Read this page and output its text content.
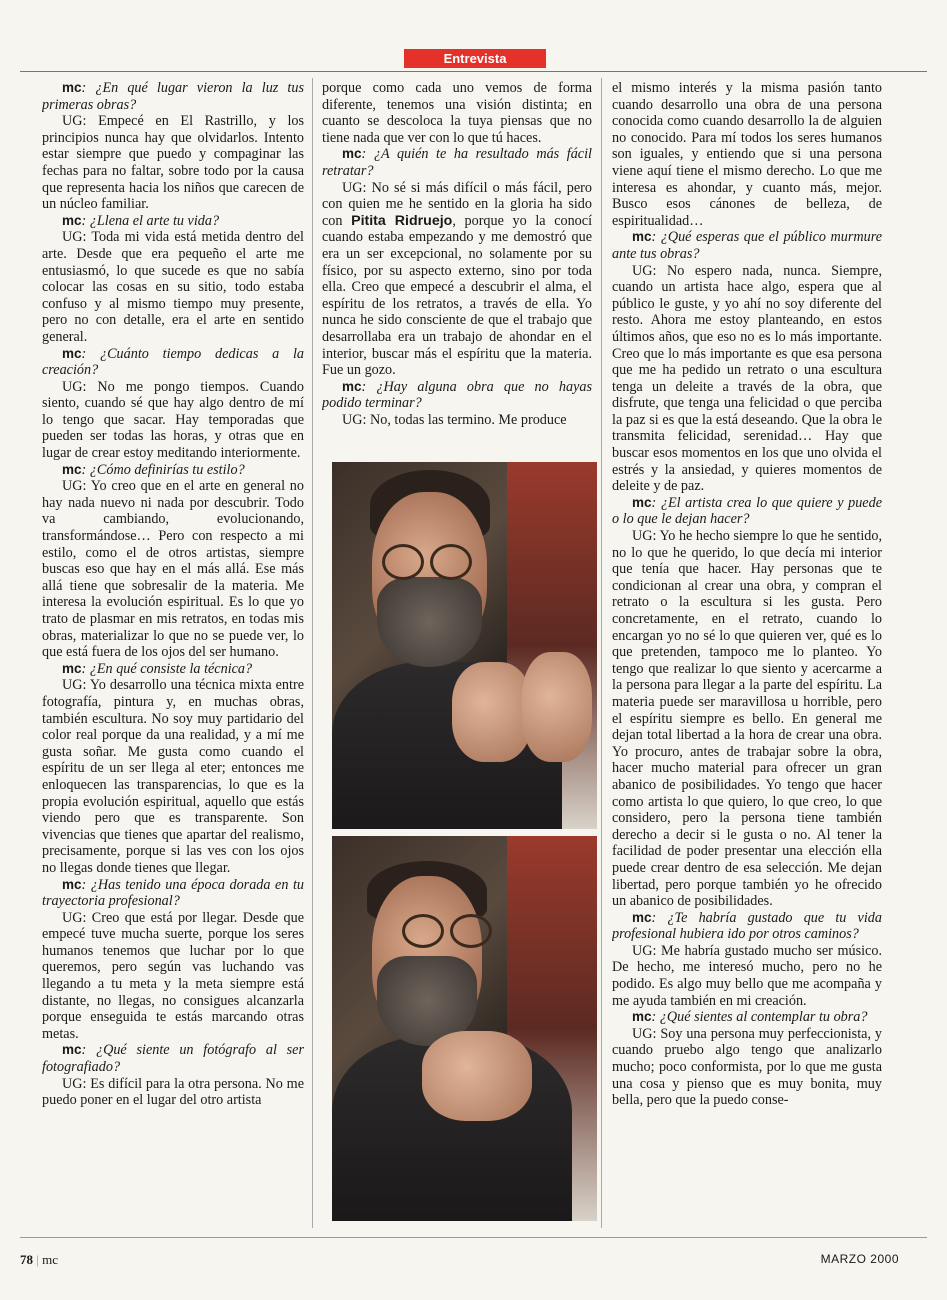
Entrevista

mc: ¿En qué lugar vieron la luz tus primeras obras?

UG: Empecé en El Rastrillo, y los principios nunca hay que olvidarlos. Intento estar siempre que puedo y compaginar las fechas para no faltar, sobre todo por la causa que representa hacia los niños que carecen de un núcleo familiar.

mc: ¿Llena el arte tu vida?

UG: Toda mi vida está metida dentro del arte. Desde que era pequeño el arte me entusiasmó, lo que sucede es que no sabía colocar las cosas en su sitio, todo estaba confuso y al mismo tiempo muy presente, pero no con detalle, era el arte en sentido general.

mc: ¿Cuánto tiempo dedicas a la creación?

UG: No me pongo tiempos. Cuando siento, cuando sé que hay algo dentro de mí lo tengo que sacar. Hay temporadas que pueden ser todas las horas, y otras que en lugar de crear estoy meditando interiormente.

mc: ¿Cómo definirías tu estilo?

UG: Yo creo que en el arte en general no hay nada nuevo ni nada por descubrir. Todo va cambiando, evolucionando, transformándose… Pero con respecto a mi estilo, como el de otros artistas, siempre buscas eso que hay en el más allá. Ese más allá tiene que sobresalir de la materia. Me interesa la evolución espiritual. Es lo que yo trato de plasmar en mis retratos, en todas mis obras, materializar lo que no se puede ver, lo que está fuera de los ojos del ser humano.

mc: ¿En qué consiste la técnica?

UG: Yo desarrollo una técnica mixta entre fotografía, pintura y, en muchas obras, también escultura. No soy muy partidario del color real porque da una realidad, y a mí me gusta soñar. Me gusta como cuando el espíritu de un ser llega al eter; entonces me enloquecen las transparencias, lo que es la propia evolución espiritual, aquello que estás viendo pero que es transparente. Son vivencias que tienes que apartar del realismo, precisamente, porque si las ves con los ojos no llegas donde tienes que llegar.

mc: ¿Has tenido una época dorada en tu trayectoria profesional?

UG: Creo que está por llegar. Desde que empecé tuve mucha suerte, porque los seres humanos tenemos que luchar por lo que queremos, pero según vas luchando vas llegando a tu meta y la meta siempre está distante, no llegas, no consigues alcanzarla porque enseguida te estás marcando otras metas.

mc: ¿Qué siente un fotógrafo al ser fotografiado?

UG: Es difícil para la otra persona. No me puedo poner en el lugar del otro artista

porque como cada uno vemos de forma diferente, tenemos una visión distinta; en cuanto se descoloca la tuya piensas que no tiene nada que ver con lo que tú haces.

mc: ¿A quién te ha resultado más fácil retratar?

UG: No sé si más difícil o más fácil, pero con quien me he sentido en la gloria ha sido con Pitita Ridruejo, porque yo la conocí cuando estaba empezando y me demostró que era un ser excepcional, no solamente por su físico, por su aspecto externo, sino por toda ella. Creo que empecé a descubrir el alma, el espíritu de los retratos, a través de ella. Yo nunca he sido consciente de que el trabajo que desarrollaba era un trabajo de ahondar en el interior, buscar más el espíritu que la materia. Fue un gozo.

mc: ¿Hay alguna obra que no hayas podido terminar?

UG: No, todas las termino. Me produce

el mismo interés y la misma pasión tanto cuando desarrollo una obra de una persona conocida como cuando desarrollo la de alguien no conocido. Para mí todos los seres humanos son iguales, y entiendo que si una persona viene aquí tiene el mismo derecho. Lo que me interesa es ahondar, y cuanto más, mejor. Busco esos cánones de belleza, de espiritualidad…

mc: ¿Qué esperas que el público murmure ante tus obras?

UG: No espero nada, nunca. Siempre, cuando un artista hace algo, espera que al público le guste, y yo ahí no soy diferente del resto. Ahora me estoy planteando, en estos últimos años, que eso no es lo más importante. Creo que lo más importante es que esa persona que me ha pedido un retrato o una escultura tenga un deleite a través de la obra, que disfrute, que tenga una felicidad o que perciba la paz si es que la está deseando. Que la obra le transmita felicidad, serenidad… Hay que buscar esos momentos en los que uno olvida el estrés y la ansiedad, y quieres momentos de deleite y de paz.

mc: ¿El artista crea lo que quiere y puede o lo que le dejan hacer?

UG: Yo he hecho siempre lo que he sentido, no lo que he querido, lo que decía mi interior que tenía que hacer. Hay personas que te condicionan al crear una obra, y compran el retrato o la escultura si les gusta. Pero concretamente, en el retrato, cuando lo encargan yo no sé lo que quieren ver, qué es lo que pretenden, tampoco me lo planteo. Yo tengo que realizar lo que siento y acercarme a la persona para llegar a la parte del espíritu. La materia puede ser maravillosa u horrible, pero el espíritu siempre es bello. En general me dejan total libertad a la hora de crear una obra. Yo procuro, antes de trabajar sobre la obra, hacer mucho material para ofrecer un gran abanico de posibilidades. Yo tengo que hacer como artista lo que quiero, lo que creo, lo que considero, pero la persona tiene también derecho a decir si le gusta o no. Al tener la facilidad de poder presentar una elección ella puede crear dentro de esa selección. Me dejan libertad, pero porque también yo he ofrecido un abanico de posibilidades.

mc: ¿Te habría gustado que tu vida profesional hubiera ido por otros caminos?

UG: Me habría gustado mucho ser músico. De hecho, me interesó mucho, pero no he podido. Es algo muy bello que me acompaña y me ayuda también en mi creación.

mc: ¿Qué sientes al contemplar tu obra?

UG: Soy una persona muy perfeccionista, y cuando pruebo algo tengo que analizarlo mucho; poco conformista, por lo que me gusta una cosa y pienso que es muy bonita, muy bella, pero que la puedo conse-

78 | mc	MARZO 2000
